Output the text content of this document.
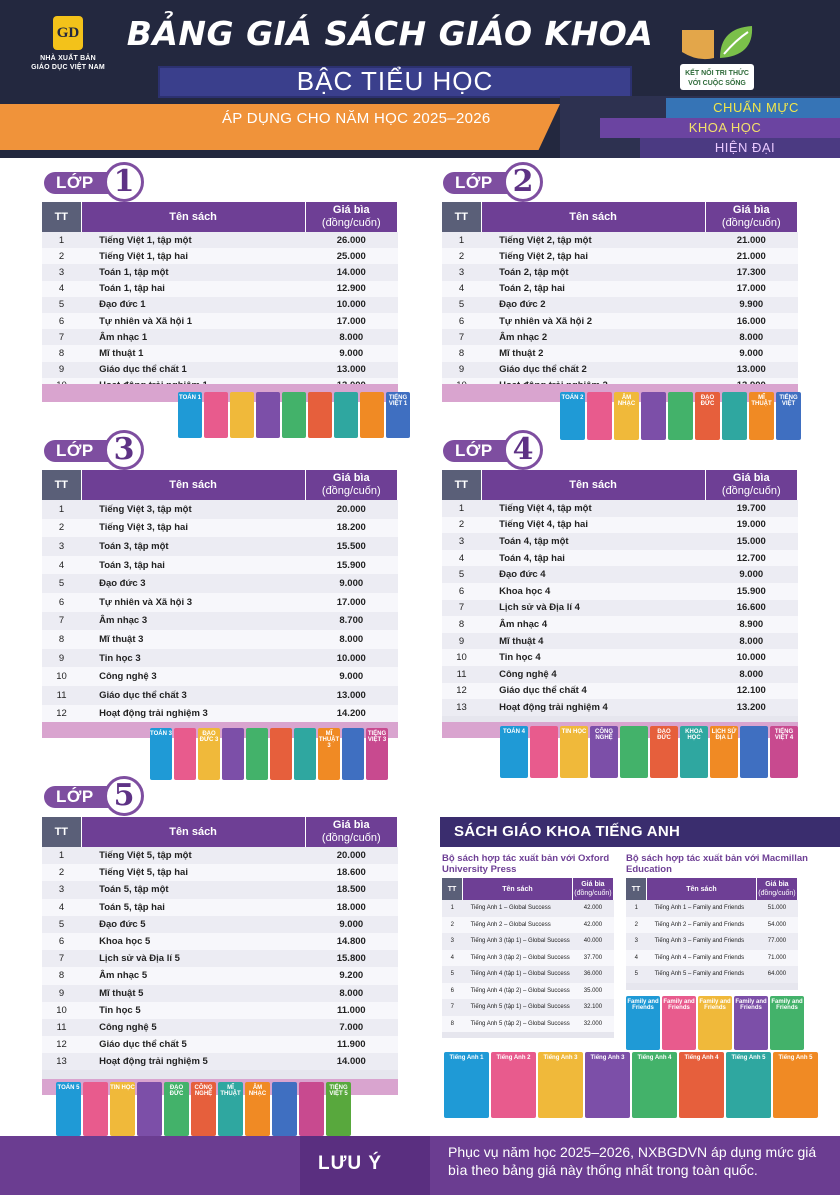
GD
NHÀ XUẤT BẢN
GIÁO DỤC VIỆT NAM
BẢNG GIÁ SÁCH GIÁO KHOA
BẬC TIỂU HỌC
ÁP DỤNG CHO NĂM HỌC 2025–2026
CHUẨN MỰC
KHOA HỌC
HIỆN ĐẠI
KẾT NỐI TRI THỨC
VỚI CUỘC SỐNG
LỚP 1	LỚP 2
LỚP 3	LỚP 4
LỚP 5
TT	Tên sách	Giá bìa
(đồng/cuốn)

1	Tiếng Việt 1, tập một	26.000
2	Tiếng Việt 1, tập hai	25.000
3	Toán 1, tập một	14.000
4	Toán 1, tập hai	12.900
5	Đạo đức 1	10.000
6	Tự nhiên và Xã hội 1	17.000
7	Âm nhạc 1	8.000
8	Mĩ thuật 1	9.000
9	Giáo dục thể chất 1	13.000

TT	Tên sách	Giá bìa
(đồng/cuốn)

1	Tiếng Việt 2, tập một	21.000
2	Tiếng Việt 2, tập hai	21.000
3	Toán 2, tập một	17.300
4	Toán 2, tập hai	17.000
5	Đạo đức 2	9.900
6	Tự nhiên và Xã hội 2	16.000
7	Âm nhạc 2	8.000
8	Mĩ thuật 2	9.000
9	Giáo dục thể chất 2	13.000

TT	Tên sách	Giá bìa
(đồng/cuốn)

1	Tiếng Việt 3, tập một	20.000
2	Tiếng Việt 3, tập hai	18.200
3	Toán 3, tập một	15.500
4	Toán 3, tập hai	15.900
5	Đạo đức 3	9.000
6	Tự nhiên và Xã hội 3	17.000
7	Âm nhạc 3	8.700
8	Mĩ thuật 3	8.000
9	Tin học 3	10.000
10	Công nghệ 3	9.000
11	Giáo dục thể chất 3	13.000
12	Hoạt động trải nghiệm 3	14.200
TT	Tên sách	Giá bìa
(đồng/cuốn)

1	Tiếng Việt 4, tập một	19.700
2	Tiếng Việt 4, tập hai	19.000
3	Toán 4, tập một	15.000
4	Toán 4, tập hai	12.700
5	Đạo đức 4	9.000
6	Khoa học 4	15.900
7	Lịch sử và Địa lí 4	16.600
8	Âm nhạc 4	8.900
9	Mĩ thuật 4	8.000
10	Tin học 4	10.000
11	Công nghệ 4	8.000
12	Giáo dục thể chất 4	12.100
13	Hoạt động trải nghiệm 4	13.200
TT	Tên sách	Giá bìa
(đồng/cuốn)

1	Tiếng Việt 5, tập một	20.000
2	Tiếng Việt 5, tập hai	18.600
3	Toán 5, tập một	18.500
4	Toán 5, tập hai	18.000
5	Đạo đức 5	9.000
6	Khoa học 5	14.800
7	Lịch sử và Địa lí 5	15.800
8	Âm nhạc 5	9.200
9	Mĩ thuật 5	8.000
10	Tin học 5	11.000
11	Công nghệ 5	7.000
12	Giáo dục thể chất 5	11.900
13	Hoạt động trải nghiệm 5	14.000
TOÁN 1	TIẾNG VIỆT 1
TOÁN 2	ÂM NHẠC
ĐẠO ĐỨC
MĨ THUẬT
TIẾNG VIỆT
TOÁN 3	ĐẠO ĐỨC 3
MĨ THUẬT 3
TIẾNG VIỆT 3
TOÁN 4	TIN HỌC	CÔNG NGHỆ
ĐẠO ĐỨC
KHOA HỌC
LỊCH SỬ ĐỊA LÍ
TIẾNG VIỆT 4
TOÁN 5	TIN HỌC	ĐẠO ĐỨC
CÔNG NGHỆ
MĨ THUẬT
ÂM NHẠC
TIẾNG VIỆT 5
SÁCH GIÁO KHOA TIẾNG ANH
Bộ sách hợp tác xuất bản với Oxford University Press
Bộ sách hợp tác xuất bản với Macmillan Education
TT	Tên sách	Giá bìa
(đồng/cuốn)

1	Tiếng Anh 1 – Global Success	42.000
2	Tiếng Anh 2 – Global Success	42.000
3	Tiếng Anh 3 (tập 1) – Global Success	40.000
4	Tiếng Anh 3 (tập 2) – Global Success	37.700
5	Tiếng Anh 4 (tập 1) – Global Success	36.000
6	Tiếng Anh 4 (tập 2) – Global Success	35.000
7	Tiếng Anh 5 (tập 1) – Global Success	32.100
8	Tiếng Anh 5 (tập 2) – Global Success	32.000
TT	Tên sách	Giá bìa
(đồng/cuốn)

1	Tiếng Anh 1 – Family and Friends	51.000
2	Tiếng Anh 2 – Family and Friends	54.000
3	Tiếng Anh 3 – Family and Friends	77.000
4	Tiếng Anh 4 – Family and Friends	71.000
5	Tiếng Anh 5 – Family and Friends	64.000
Family and Friends
Family and Friends
Family and Friends
Family and Friends
Family and Friends
Tiếng Anh 1	Tiếng Anh 2	Tiếng Anh 3	Tiếng Anh 3	Tiếng Anh 4	Tiếng Anh 4	Tiếng Anh 5	Tiếng Anh 5
LƯU Ý
Phục vụ năm học 2025–2026, NXBGDVN áp dụng mức giá bìa theo bảng giá này thống nhất trong toàn quốc.
